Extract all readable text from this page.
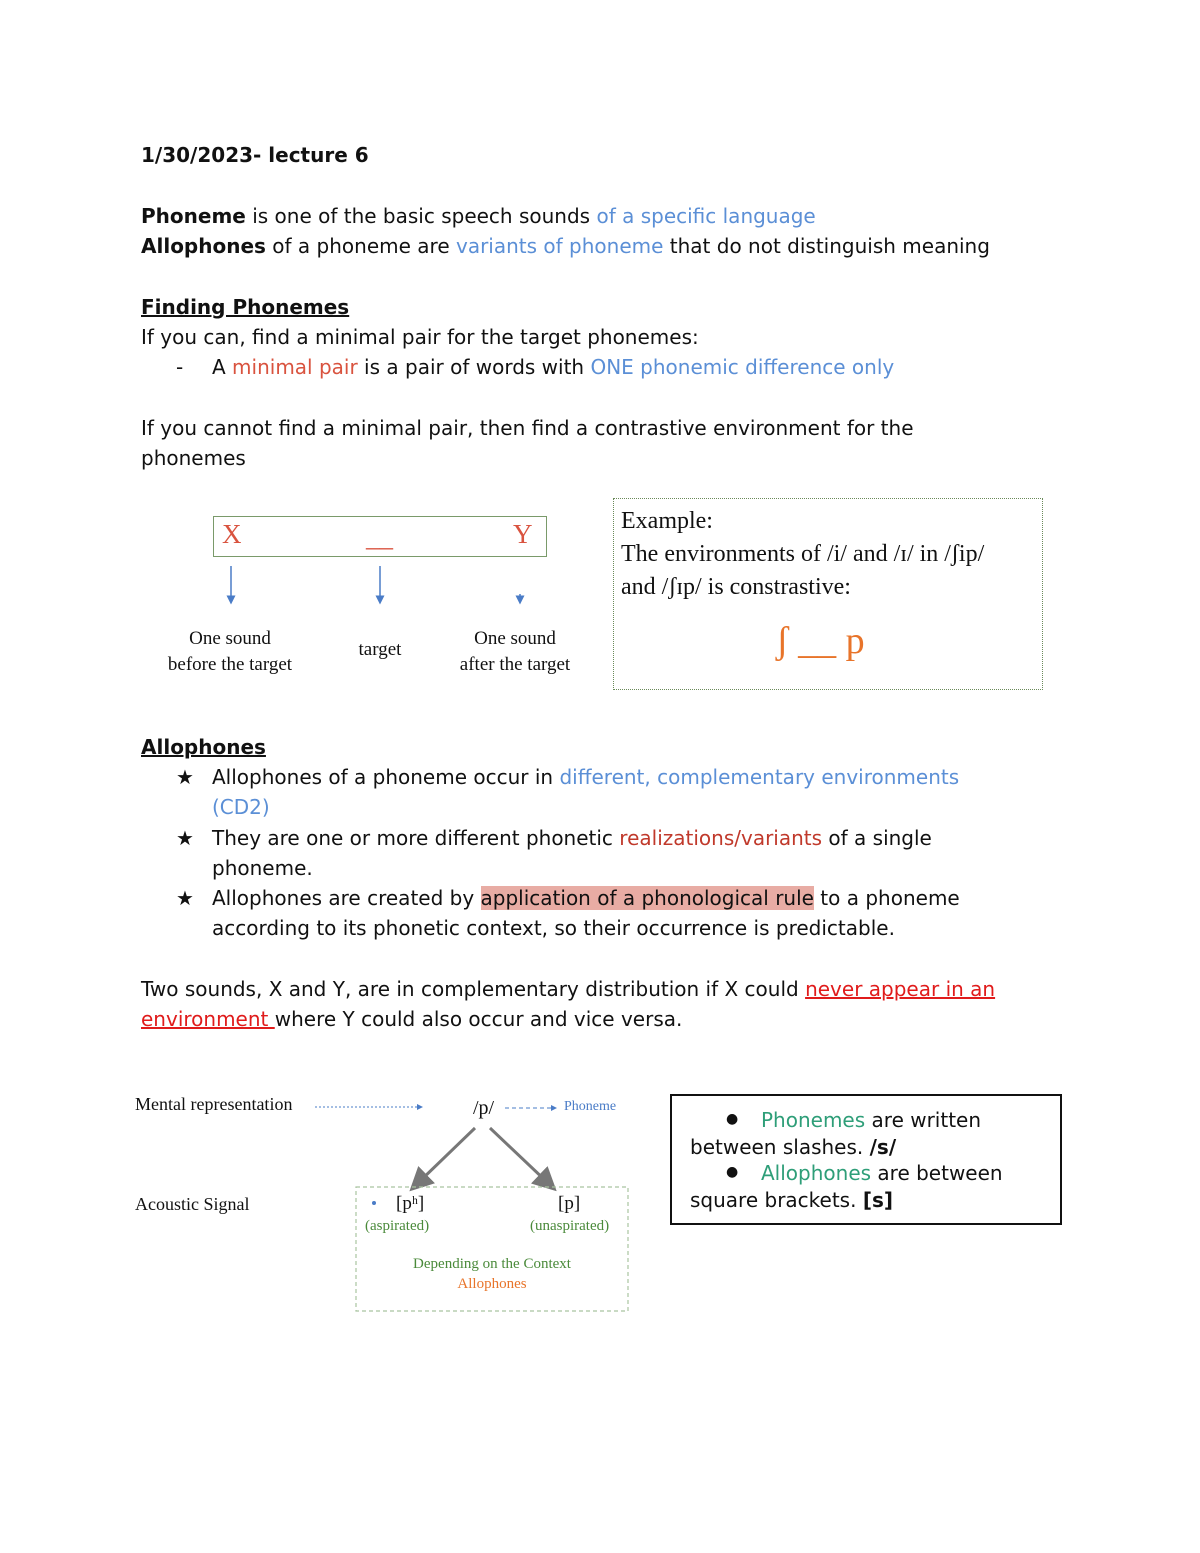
1/30/2023- lecture 6
Phoneme is one of the basic speech sounds of a specific language
Allophones of a phoneme are variants of phoneme that do not distinguish meaning
Finding Phonemes
If you can, find a minimal pair for the target phonemes:
- A minimal pair is a pair of words with ONE phonemic difference only
If you cannot find a minimal pair, then find a contrastive environment for the
phonemes
X	__	Y
One sound
before the target
target
One sound
after the target
Example:
The environments of /i/ and /ɪ/ in /ʃip/
and /ʃɪp/ is constrastive:
ʃ __ p
Allophones
★ Allophones of a phoneme occur in different, complementary environments
(CD2)
★ They are one or more different phonetic realizations/variants of a single
phoneme.
★ Allophones are created by application of a phonological rule to a phoneme
according to its phonetic context, so their occurrence is predictable.
Two sounds, X and Y, are in complementary distribution if X could never appear in an
environment where Y could also occur and vice versa.
Mental representation	/p/	Phoneme
Acoustic Signal	[pʰ]
(aspirated)
[p]
(unaspirated)
Depending on the Context
Allophones
● Phonemes are written
between slashes. /s/
● Allophones are between
square brackets. [s]
